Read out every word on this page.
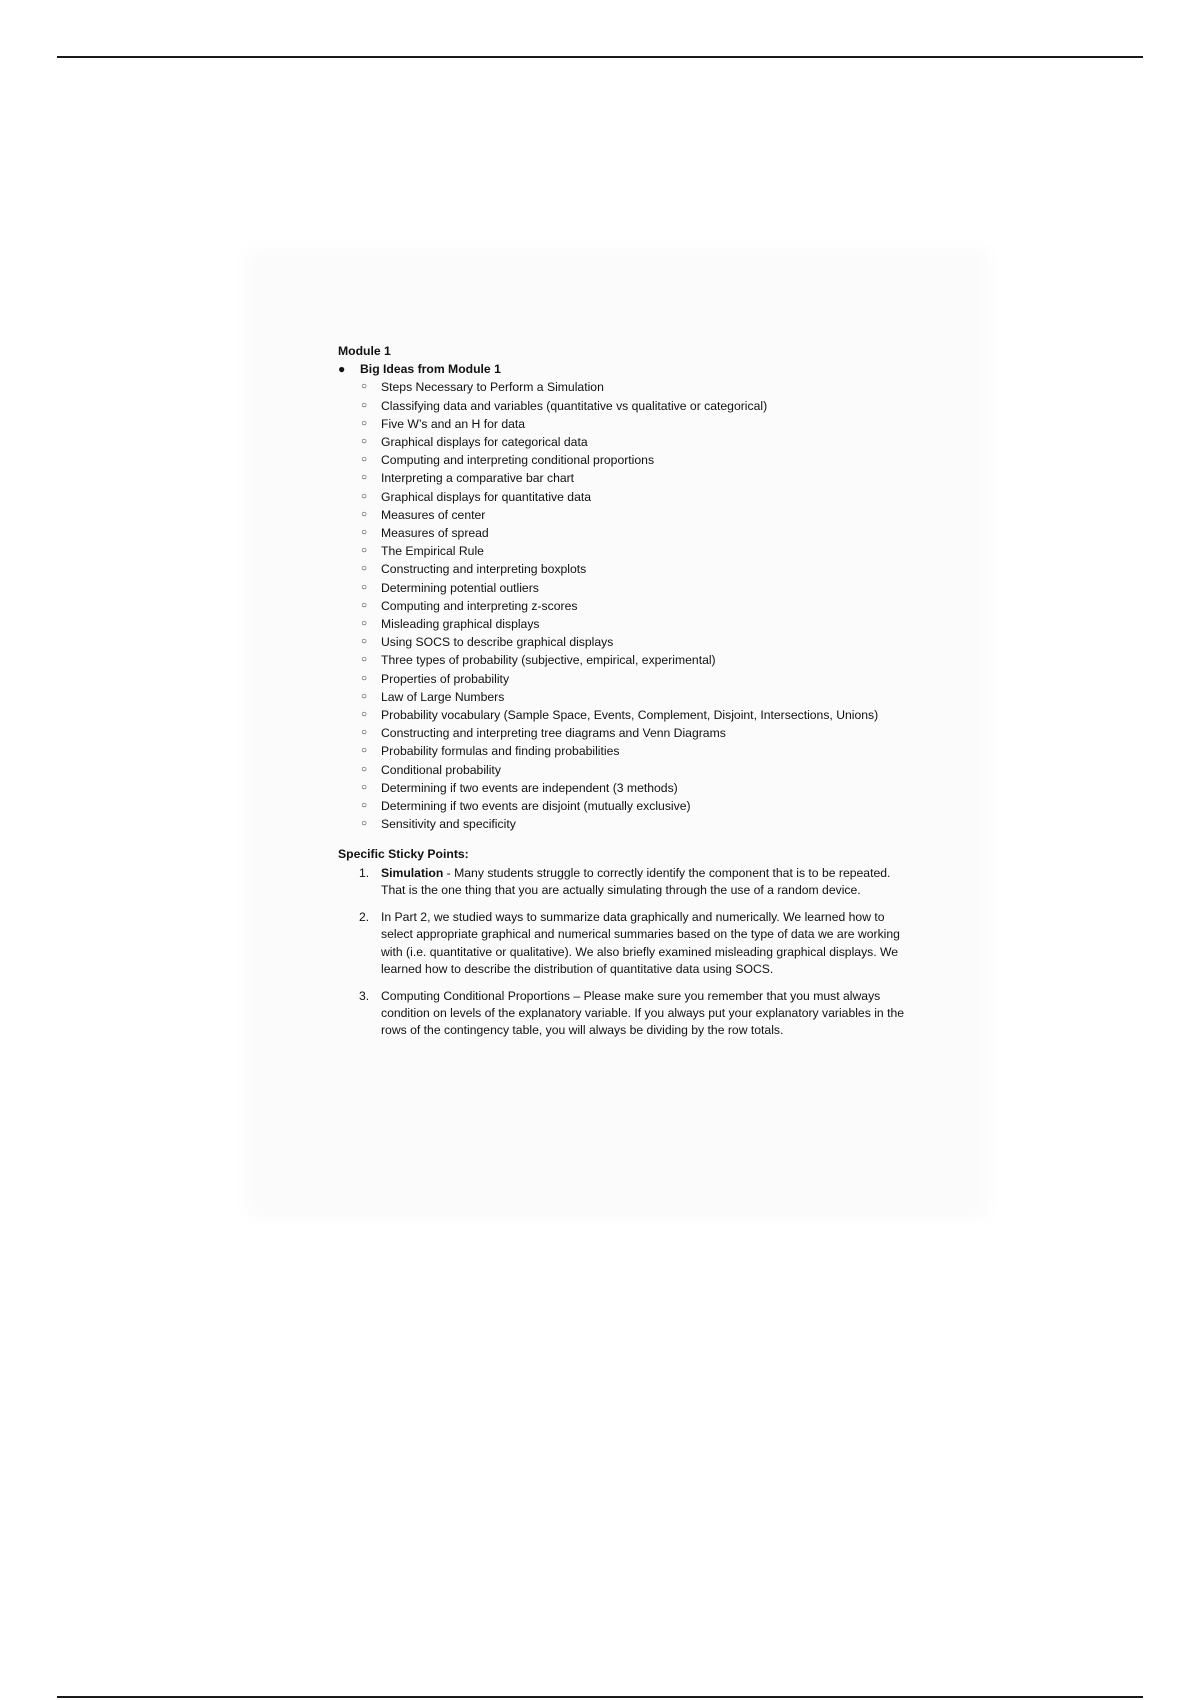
Module 1

● Big Ideas from Module 1
○ Steps Necessary to Perform a Simulation
○ Classifying data and variables (quantitative vs qualitative or categorical)
○ Five W’s and an H for data
○ Graphical displays for categorical data
○ Computing and interpreting conditional proportions
○ Interpreting a comparative bar chart
○ Graphical displays for quantitative data
○ Measures of center
○ Measures of spread
○ The Empirical Rule
○ Constructing and interpreting boxplots
○ Determining potential outliers
○ Computing and interpreting z-scores
○ Misleading graphical displays
○ Using SOCS to describe graphical displays
○ Three types of probability (subjective, empirical, experimental)
○ Properties of probability
○ Law of Large Numbers
○ Probability vocabulary (Sample Space, Events, Complement, Disjoint, Intersections, Unions)
○ Constructing and interpreting tree diagrams and Venn Diagrams
○ Probability formulas and finding probabilities
○ Conditional probability
○ Determining if two events are independent (3 methods)
○ Determining if two events are disjoint (mutually exclusive)
○ Sensitivity and specificity
Specific Sticky Points:
1. Simulation - Many students struggle to correctly identify the component that is to be repeated. That is the one thing that you are actually simulating through the use of a random device.
2. In Part 2, we studied ways to summarize data graphically and numerically. We learned how to select appropriate graphical and numerical summaries based on the type of data we are working with (i.e. quantitative or qualitative). We also briefly examined misleading graphical displays. We learned how to describe the distribution of quantitative data using SOCS.
3. Computing Conditional Proportions – Please make sure you remember that you must always condition on levels of the explanatory variable. If you always put your explanatory variables in the rows of the contingency table, you will always be dividing by the row totals.
